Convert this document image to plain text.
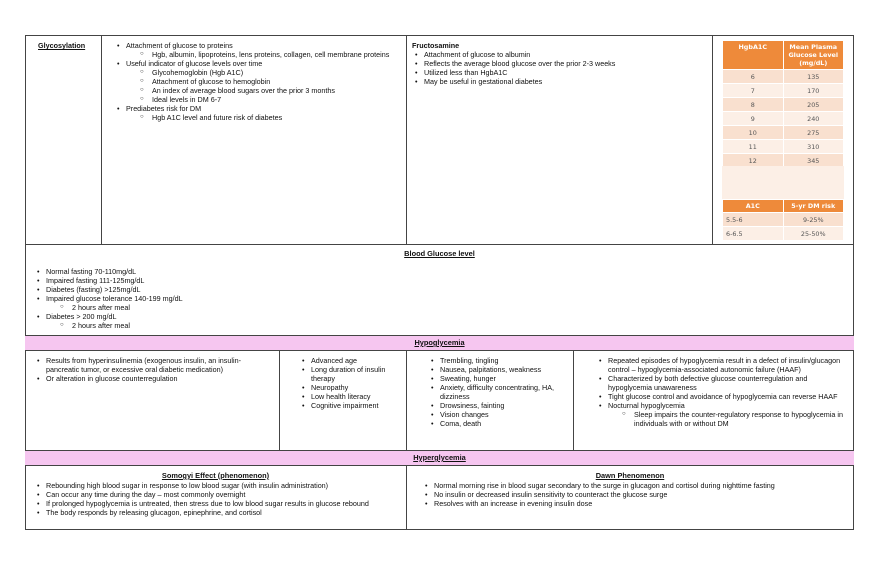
Glycosylation	• Attachment of glucose to proteins
○ Hgb, albumin, lipoproteins, lens proteins, collagen, cell membrane proteins
• Useful indicator of glucose levels over time
○ Glycohemoglobin (Hgb A1C)
○ Attachment of glucose to hemoglobin
○ An index of average blood sugars over the prior 3 months
○ Ideal levels in DM 6-7
• Prediabetes risk for DM
○ Hgb A1C level and future risk of diabetes
Fructosamine
• Attachment of glucose to albumin
• Reflects the average blood glucose over the prior 2-3 weeks
• Utilized less than HgbA1C
• May be useful in gestational diabetes
HgbA1C	Mean Plasma Glucose Level (mg/dL)
6	135
7	170
8	205
9	240
10	275
11	310
12	345
A1C	5-yr DM risk
5.5-6	9-25%
6-6.5	25-50%
Blood Glucose level
• Normal fasting 70-110mg/dL
• Impaired fasting 111-125mg/dL
• Diabetes (fasting) >125mg/dL
• Impaired glucose tolerance 140-199 mg/dL
○ 2 hours after meal
• Diabetes > 200 mg/dL
○ 2 hours after meal
Hypoglycemia
• Results from hyperinsulinemia (exogenous insulin, an insulin-pancreatic tumor, or excessive oral diabetic medication)
• Or alteration in glucose counterregulation
• Advanced age
• Long duration of insulin therapy
• Neuropathy
• Low health literacy
• Cognitive impairment
• Trembling, tingling
• Nausea, palpitations, weakness
• Sweating, hunger
• Anxiety, difficulty concentrating, HA, dizziness
• Drowsiness, fainting
• Vision changes
• Coma, death
• Repeated episodes of hypoglycemia result in a defect of insulin/glucagon control – hypoglycemia-associated autonomic failure (HAAF)
• Characterized by both defective glucose counterregulation and hypoglycemia unawareness
• Tight glucose control and avoidance of hypoglycemia can reverse HAAF
• Nocturnal hypoglycemia
○ Sleep impairs the counter-regulatory response to hypoglycemia in individuals with or without DM
Hyperglycemia
Somogyi Effect (phenomenon)
• Rebounding high blood sugar in response to low blood sugar (with insulin administration)
• Can occur any time during the day – most commonly overnight
• If prolonged hypoglycemia is untreated, then stress due to low blood sugar results in glucose rebound
• The body responds by releasing glucagon, epinephrine, and cortisol
Dawn Phenomenon
• Normal morning rise in blood sugar secondary to the surge in glucagon and cortisol during nighttime fasting
• No insulin or decreased insulin sensitivity to counteract the glucose surge
• Resolves with an increase in evening insulin dose
